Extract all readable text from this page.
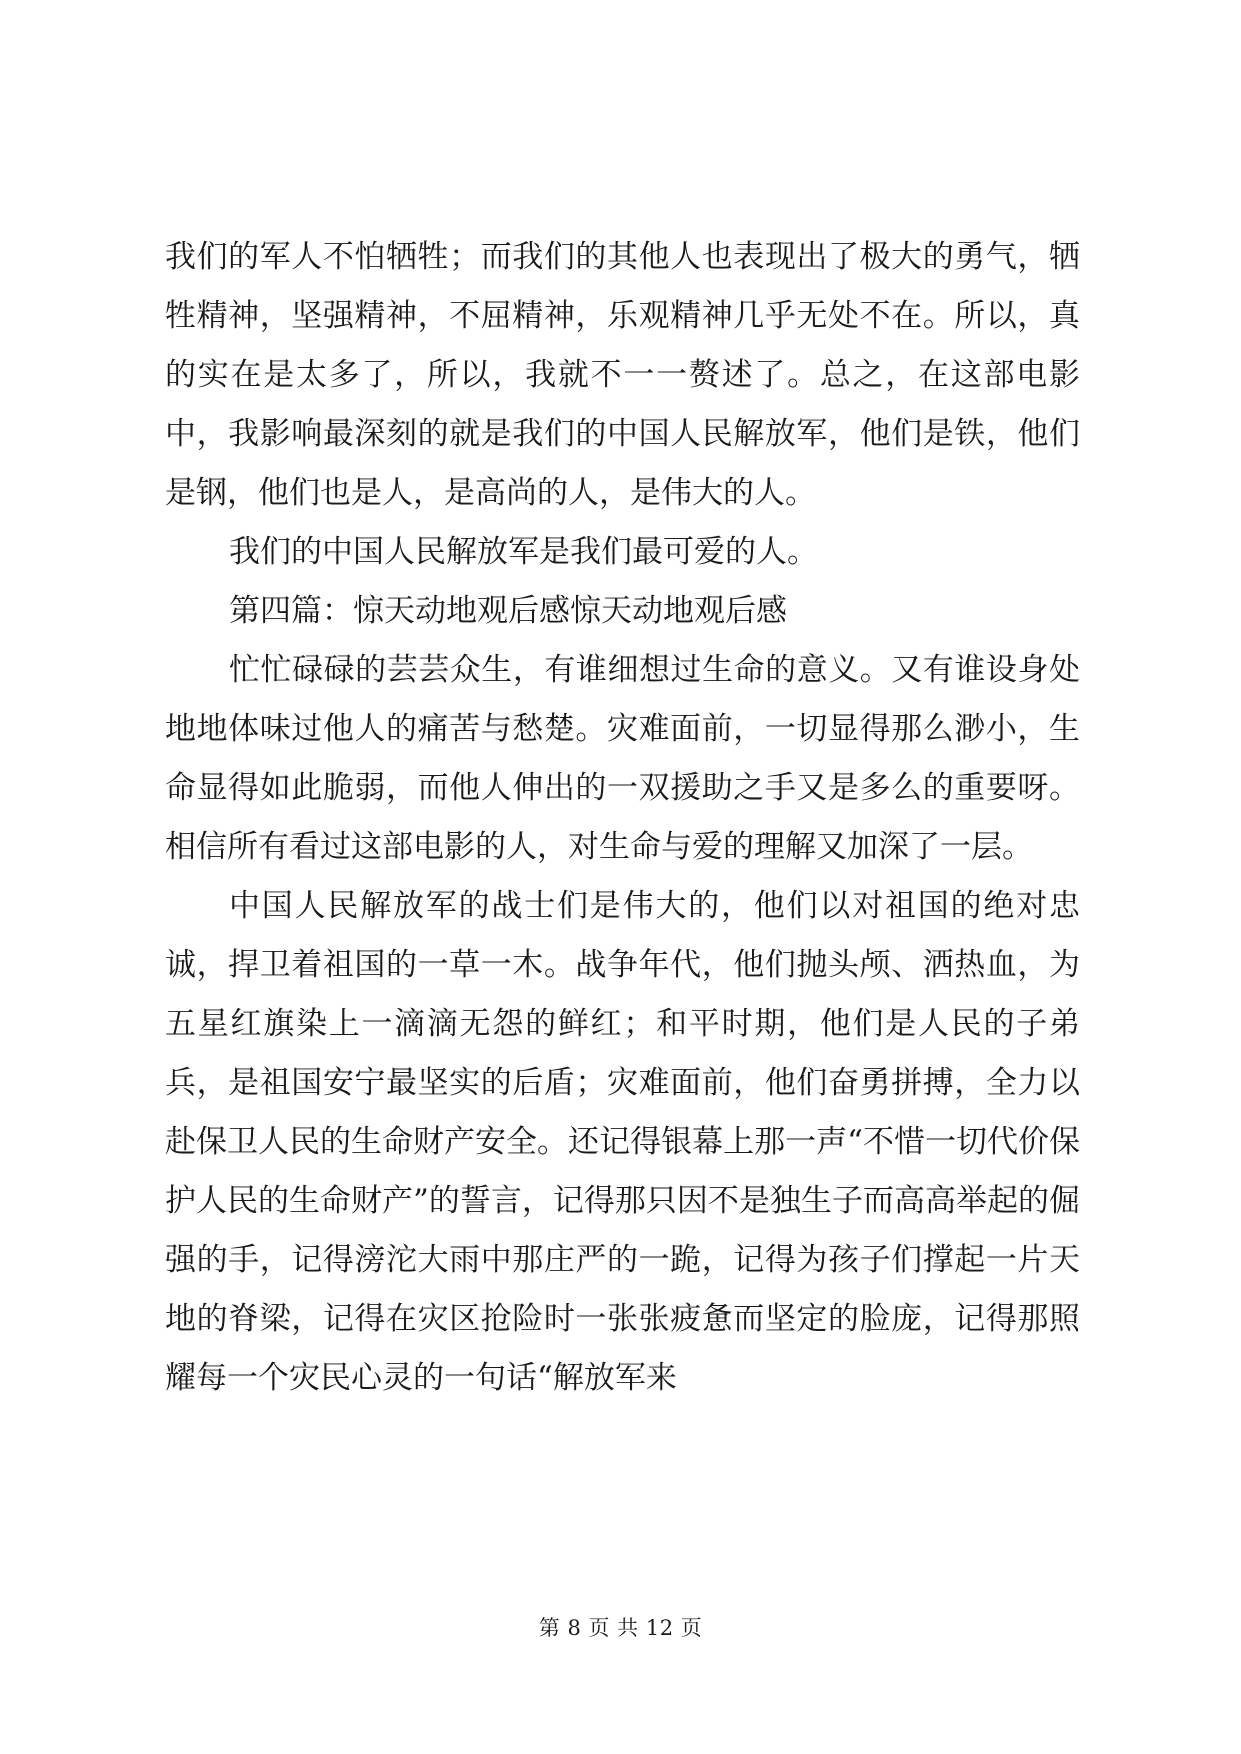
我们的军人不怕牺牲；而我们的其他人也表现出了极大的勇气，牺牲精神，坚强精神，不屈精神，乐观精神几乎无处不在。所以，真的实在是太多了，所以，我就不一一赘述了。总之，在这部电影中，我影响最深刻的就是我们的中国人民解放军，他们是铁，他们是钢，他们也是人，是高尚的人，是伟大的人。

我们的中国人民解放军是我们最可爱的人。

第四篇：惊天动地观后感惊天动地观后感

忙忙碌碌的芸芸众生，有谁细想过生命的意义。又有谁设身处地地体味过他人的痛苦与愁楚。灾难面前，一切显得那么渺小，生命显得如此脆弱，而他人伸出的一双援助之手又是多么的重要呀。相信所有看过这部电影的人，对生命与爱的理解又加深了一层。

中国人民解放军的战士们是伟大的，他们以对祖国的绝对忠诚，捍卫着祖国的一草一木。战争年代，他们抛头颅、洒热血，为五星红旗染上一滴滴无怨的鲜红；和平时期，他们是人民的子弟兵，是祖国安宁最坚实的后盾；灾难面前，他们奋勇拼搏，全力以赴保卫人民的生命财产安全。还记得银幕上那一声“不惜一切代价保护人民的生命财产”的誓言，记得那只因不是独生子而高高举起的倔强的手，记得滂沱大雨中那庄严的一跪，记得为孩子们撑起一片天地的脊梁，记得在灾区抢险时一张张疲惫而坚定的脸庞，记得那照耀每一个灾民心灵的一句话“解放军来

第 8 页 共 12 页
